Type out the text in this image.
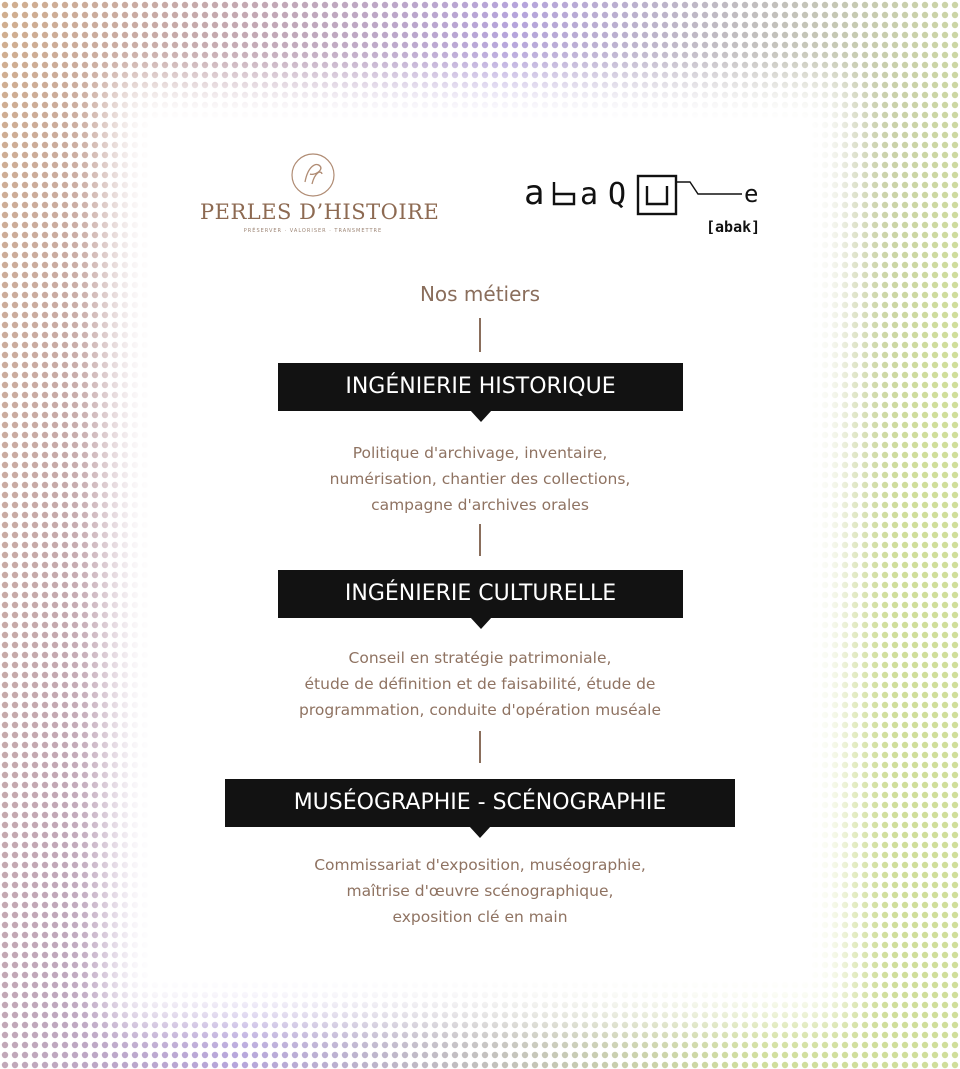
PERLES D’HISTOIRE
PRÉSERVER · VALORISER · TRANSMETTRE
a a Q	e
[abak]
Nos métiers
INGÉNIERIE HISTORIQUE
Politique d'archivage, inventaire,
numérisation, chantier des collections,
campagne d'archives orales
INGÉNIERIE CULTURELLE
Conseil en stratégie patrimoniale,
étude de définition et de faisabilité, étude de
programmation, conduite d'opération muséale
MUSÉOGRAPHIE - SCÉNOGRAPHIE
Commissariat d'exposition, muséographie,
maîtrise d'œuvre scénographique,
exposition clé en main
